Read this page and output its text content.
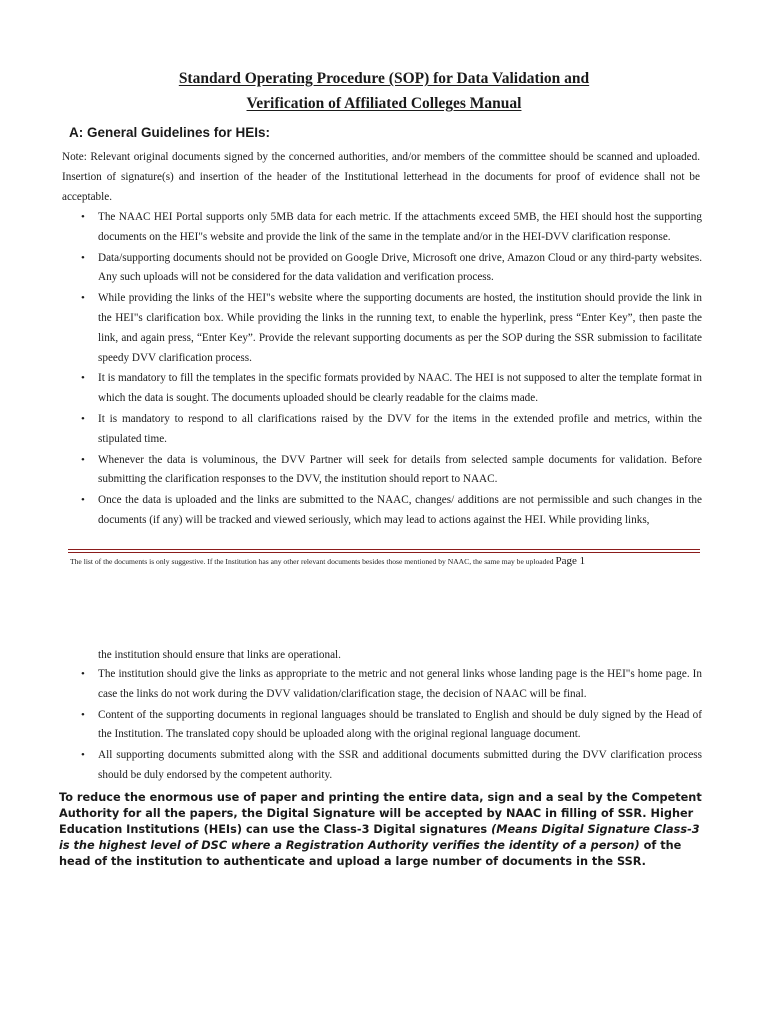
Standard Operating Procedure (SOP) for Data Validation and

Verification of Affiliated Colleges Manual

A: General Guidelines for HEIs:

Note: Relevant original documents signed by the concerned authorities, and/or members of the committee should be scanned and uploaded. Insertion of signature(s) and insertion of the header of the Institutional letterhead in the documents for proof of evidence shall not be acceptable.

• The NAAC HEI Portal supports only 5MB data for each metric. If the attachments exceed 5MB, the HEI should host the supporting documents on the HEI"s website and provide the link of the same in the template and/or in the HEI-DVV clarification response.
• Data/supporting documents should not be provided on Google Drive, Microsoft one drive, Amazon Cloud or any third-party websites. Any such uploads will not be considered for the data validation and verification process.
• While providing the links of the HEI"s website where the supporting documents are hosted, the institution should provide the link in the HEI"s clarification box. While providing the links in the running text, to enable the hyperlink, press “Enter Key”, then paste the link, and again press, “Enter Key”. Provide the relevant supporting documents as per the SOP during the SSR submission to facilitate speedy DVV clarification process.
• It is mandatory to fill the templates in the specific formats provided by NAAC. The HEI is not supposed to alter the template format in which the data is sought. The documents uploaded should be clearly readable for the claims made.
• It is mandatory to respond to all clarifications raised by the DVV for the items in the extended profile and metrics, within the stipulated time.
• Whenever the data is voluminous, the DVV Partner will seek for details from selected sample documents for validation. Before submitting the clarification responses to the DVV, the institution should report to NAAC.
• Once the data is uploaded and the links are submitted to the NAAC, changes/ additions are not permissible and such changes in the documents (if any) will be tracked and viewed seriously, which may lead to actions against the HEI. While providing links,

The list of the documents is only suggestive. If the Institution has any other relevant documents besides those mentioned by NAAC, the same may be uploaded Page 1

the institution should ensure that links are operational.

• The institution should give the links as appropriate to the metric and not general links whose landing page is the HEI"s home page. In case the links do not work during the DVV validation/clarification stage, the decision of NAAC will be final.
• Content of the supporting documents in regional languages should be translated to English and should be duly signed by the Head of the Institution. The translated copy should be uploaded along with the original regional language document.
• All supporting documents submitted along with the SSR and additional documents submitted during the DVV clarification process should be duly endorsed by the competent authority.

To reduce the enormous use of paper and printing the entire data, sign and a seal by the Competent Authority for all the papers, the Digital Signature will be accepted by NAAC in filling of SSR. Higher Education Institutions (HEIs) can use the Class-3 Digital signatures (Means Digital Signature Class-3 is the highest level of DSC where a Registration Authority verifies the identity of a person) of the head of the institution to authenticate and upload a large number of documents in the SSR.
